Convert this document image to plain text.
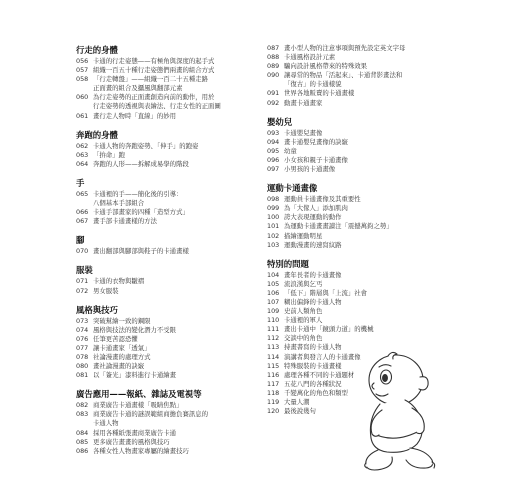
行走的身體
056 卡通的行走姿態——有極角與深度的起手式
057 組織一百五十種行走姿態們兩畫的組合方式
058 「行走轉盤」——組織一百二十五種走路
正面畫的組合及攝風與翻部元素
060 為行走姿勢的正面畫創造向前的動作，用於
行走姿勢的透視與表繪法、行走女性的正面圖
061 畫行走人物時「直線」的妙用
奔跑的身體
062 卡通人物的奔跑姿勢、「伸手」的跑姿
063 「拚命」跑
064 奔跑的人形——拆解成易學的階段
手
065 卡通裡的手——簡化後的引導：
八個基本手部組合
066 卡通手部畫家的四種「造型方式」
067 畫手部卡通畫樣的方法
腳
070 畫出翻部與腳部與鞋子的卡通畫樣
服裝
071 卡通的衣物與皺褶
072 男女服裝
風格與技巧
073 突破幫繪一致的鋼限
074 風格與技法的變化潛力不受限
076 任筆更苦認恐懼
077 讓卡通畫家「透氣」
078 社論漫畫的處理方式
080 畫社論漫畫的訣竅
081 以「簽光」漆料進行卡通繪畫
廣告應用——報紙、雜誌及電視等
082 商業廣告卡通畫樣「吸睛焦點」
083 商業廣告卡通的謎誤範組商擔負賽訊息的
卡通人物
084 採用各種紙張畫商業廣告卡通
085 更多廣告畫畫的風格與技巧
086 各種女性人物畫家專屬的繪畫技巧
087 畫小型人物的注意事項與預先設定英文字母
088 卡通風格設計元素
089 騙向設計風格帶來的特殊效果
090 讓尋常的物品「活起來」、卡通背影畫法和
「復古」的卡通樣貌
091 世界各地販賣的卡通畫樣
092 動畫卡通畫家
嬰幼兒
093 卡通嬰兒畫像
094 畫卡通嬰兒畫像的訣竅
095 幼童
096 小女孩和親子卡通畫像
097 小男孩的卡通畫像
運動卡通畫像
098 運動員卡通畫像及其重要性
099 為「大傢人」添加肌肉
100 誇大表現運動的動作
101 為運動卡通畫畫讀注「震撼萬鈞之勢」
102 描繪運動明星
103 運動漫畫的速寫紋路
特別的問題
104 畫年長者的卡通畫像
105 流浪漢與乞丐
106 「低下」階層與「上流」社會
107 糊出偏鋒的卡通人物
109 史前人類角色
110 卡通裡的軍人
111 畫出卡通中「鏡頭力道」的機械
112 交談中的角色
113 持畫書寫的卡通人物
114 演講者與發言人的卡通畫像
115 特殊服裝的卡通畫樣
116 處理各種不同的卡通題材
117 五花八門的各種狀況
118 千變萬化的角色和類型
119 大量人潮
120 最後說幾句
